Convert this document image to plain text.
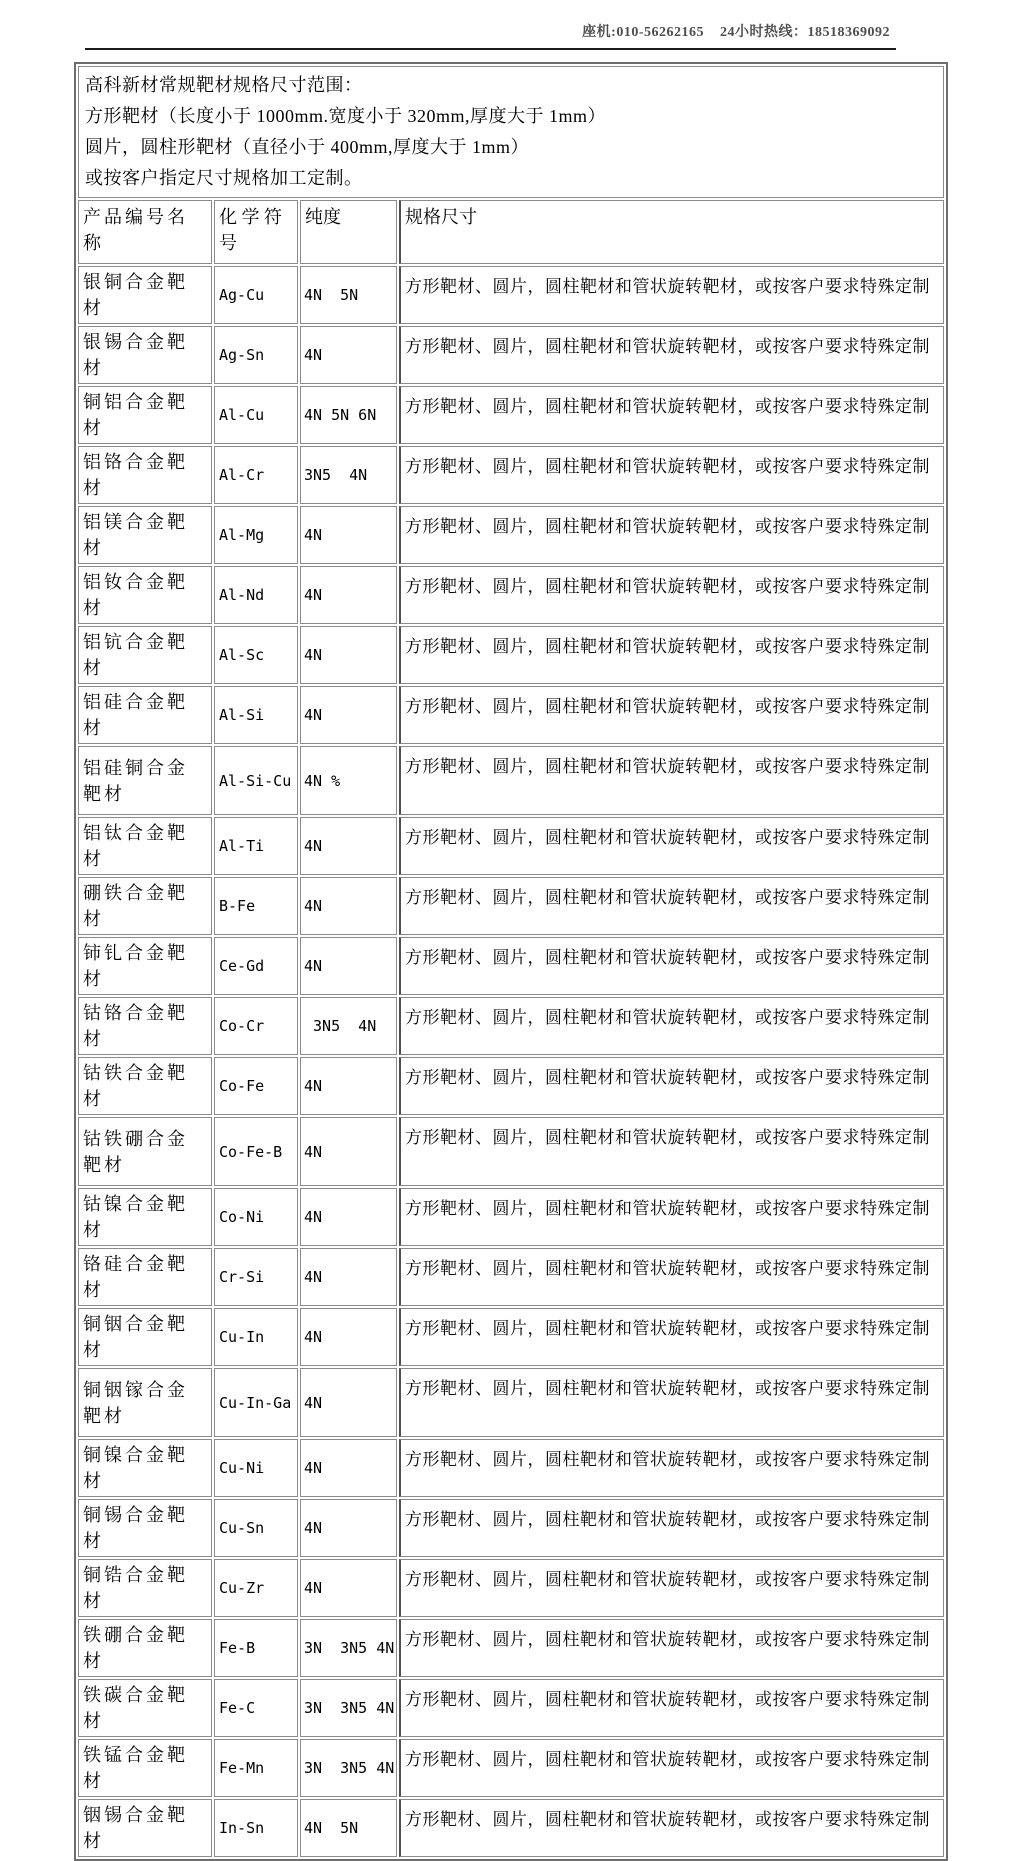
座机:010-56262165    24小时热线：18518369092
高科新材常规靶材规格尺寸范围：
方形靶材（长度小于 1000mm.宽度小于 320mm,厚度大于 1mm）
圆片，圆柱形靶材（直径小于 400mm,厚度大于 1mm）
或按客户指定尺寸规格加工定制。			

产品编号名称	化 学 符号	纯度	规格尺寸
银铜合金靶材	Ag-Cu	4N  5N	方形靶材、圆片，圆柱靶材和管状旋转靶材，或按客户要求特殊定制
银锡合金靶材	Ag-Sn	4N	方形靶材、圆片，圆柱靶材和管状旋转靶材，或按客户要求特殊定制
铜铝合金靶材	Al-Cu	4N 5N 6N	方形靶材、圆片，圆柱靶材和管状旋转靶材，或按客户要求特殊定制
铝铬合金靶材	Al-Cr	3N5  4N	方形靶材、圆片，圆柱靶材和管状旋转靶材，或按客户要求特殊定制
铝镁合金靶材	Al-Mg	4N	方形靶材、圆片，圆柱靶材和管状旋转靶材，或按客户要求特殊定制
铝钕合金靶材	Al-Nd	4N	方形靶材、圆片，圆柱靶材和管状旋转靶材，或按客户要求特殊定制
铝钪合金靶材	Al-Sc	4N	方形靶材、圆片，圆柱靶材和管状旋转靶材，或按客户要求特殊定制
铝硅合金靶材	Al-Si	4N	方形靶材、圆片，圆柱靶材和管状旋转靶材，或按客户要求特殊定制
铝硅铜合金靶材	Al-Si-Cu	4N %	方形靶材、圆片，圆柱靶材和管状旋转靶材，或按客户要求特殊定制
铝钛合金靶材	Al-Ti	4N	方形靶材、圆片，圆柱靶材和管状旋转靶材，或按客户要求特殊定制
硼铁合金靶材	B-Fe	4N	方形靶材、圆片，圆柱靶材和管状旋转靶材，或按客户要求特殊定制
铈钆合金靶材	Ce-Gd	4N	方形靶材、圆片，圆柱靶材和管状旋转靶材，或按客户要求特殊定制
钴铬合金靶材	Co-Cr	3N5  4N	方形靶材、圆片，圆柱靶材和管状旋转靶材，或按客户要求特殊定制
钴铁合金靶材	Co-Fe	4N	方形靶材、圆片，圆柱靶材和管状旋转靶材，或按客户要求特殊定制
钴铁硼合金靶材	Co-Fe-B	4N	方形靶材、圆片，圆柱靶材和管状旋转靶材，或按客户要求特殊定制
钴镍合金靶材	Co-Ni	4N	方形靶材、圆片，圆柱靶材和管状旋转靶材，或按客户要求特殊定制
铬硅合金靶材	Cr-Si	4N	方形靶材、圆片，圆柱靶材和管状旋转靶材，或按客户要求特殊定制
铜铟合金靶材	Cu-In	4N	方形靶材、圆片，圆柱靶材和管状旋转靶材，或按客户要求特殊定制
铜铟镓合金靶材	Cu-In-Ga	4N	方形靶材、圆片，圆柱靶材和管状旋转靶材，或按客户要求特殊定制
铜镍合金靶材	Cu-Ni	4N	方形靶材、圆片，圆柱靶材和管状旋转靶材，或按客户要求特殊定制
铜锡合金靶材	Cu-Sn	4N	方形靶材、圆片，圆柱靶材和管状旋转靶材，或按客户要求特殊定制
铜锆合金靶材	Cu-Zr	4N	方形靶材、圆片，圆柱靶材和管状旋转靶材，或按客户要求特殊定制
铁硼合金靶材	Fe-B	3N  3N5 4N	方形靶材、圆片，圆柱靶材和管状旋转靶材，或按客户要求特殊定制
铁碳合金靶材	Fe-C	3N  3N5 4N	方形靶材、圆片，圆柱靶材和管状旋转靶材，或按客户要求特殊定制
铁锰合金靶材	Fe-Mn	3N  3N5 4N	方形靶材、圆片，圆柱靶材和管状旋转靶材，或按客户要求特殊定制
铟锡合金靶材	In-Sn	4N  5N	方形靶材、圆片，圆柱靶材和管状旋转靶材，或按客户要求特殊定制
